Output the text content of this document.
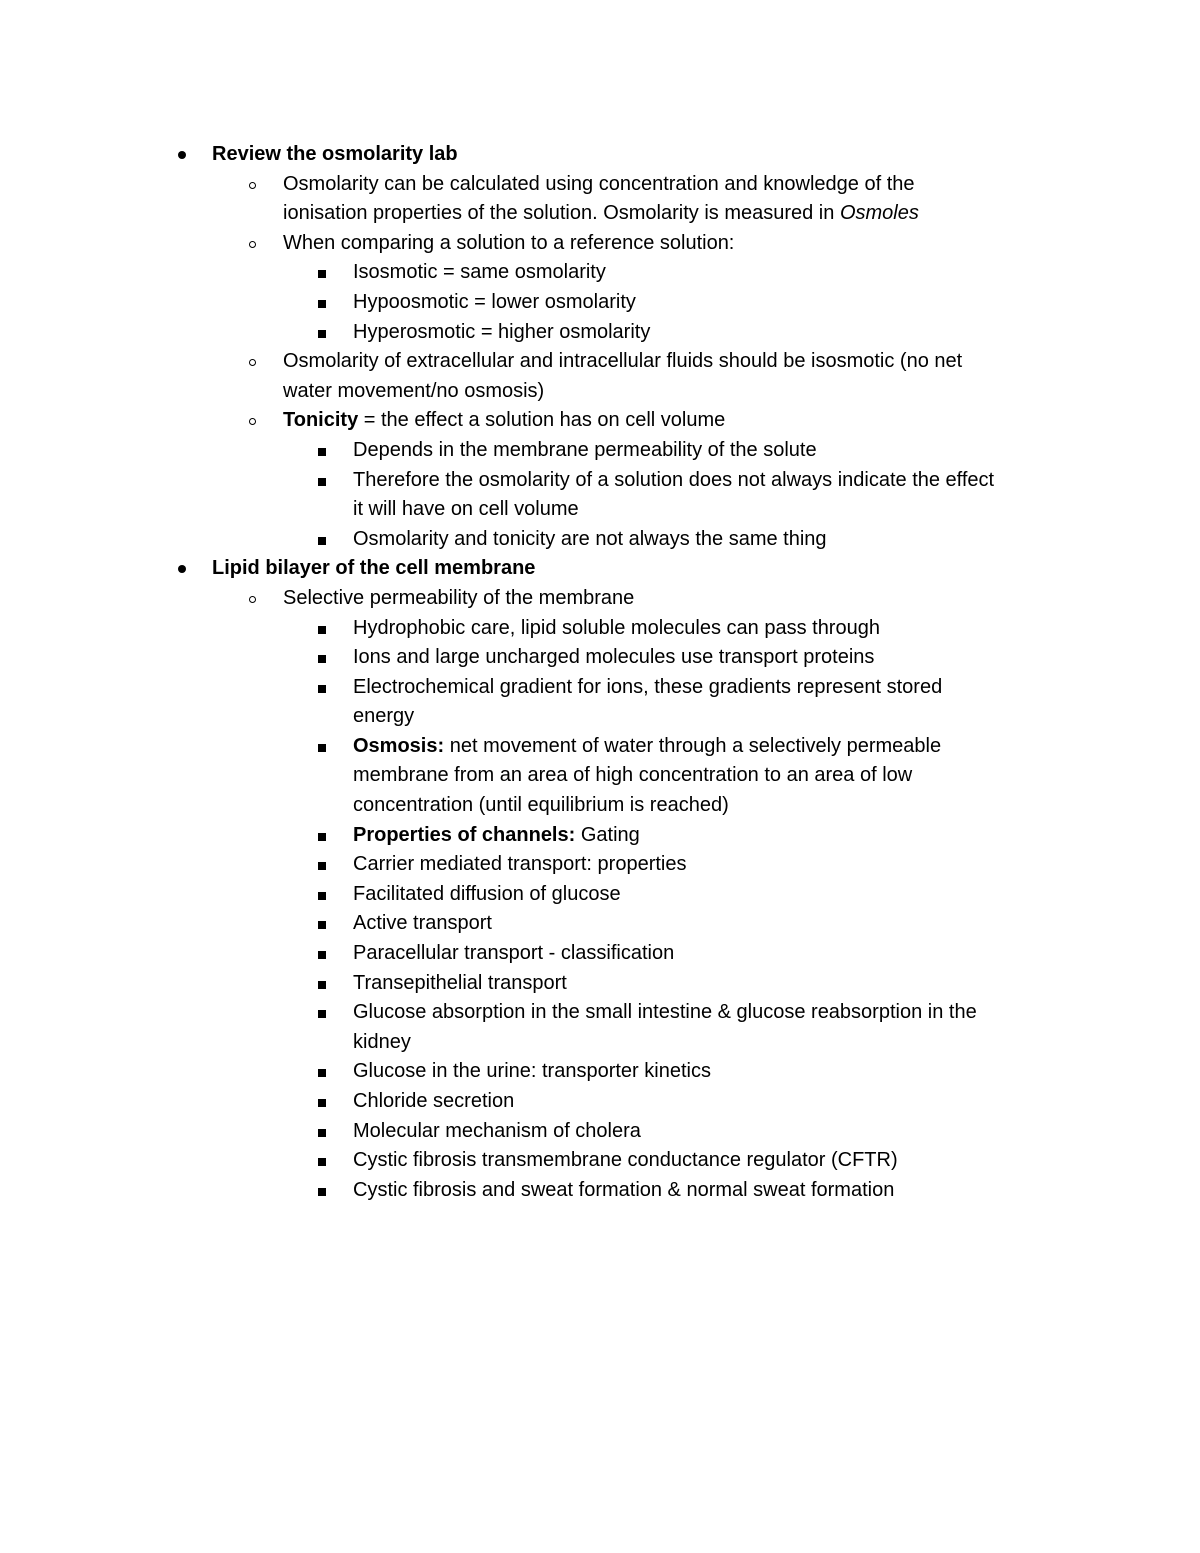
Review the osmolarity lab
Osmolarity can be calculated using concentration and knowledge of the
ionisation properties of the solution. Osmolarity is measured in Osmoles
When comparing a solution to a reference solution:
Isosmotic = same osmolarity
Hypoosmotic = lower osmolarity
Hyperosmotic = higher osmolarity
Osmolarity of extracellular and intracellular fluids should be isosmotic (no net
water movement/no osmosis)
Tonicity = the effect a solution has on cell volume
Depends in the membrane permeability of the solute
Therefore the osmolarity of a solution does not always indicate the effect
it will have on cell volume
Osmolarity and tonicity are not always the same thing
Lipid bilayer of the cell membrane
Selective permeability of the membrane
Hydrophobic care, lipid soluble molecules can pass through
Ions and large uncharged molecules use transport proteins
Electrochemical gradient for ions, these gradients represent stored
energy
Osmosis: net movement of water through a selectively permeable
membrane from an area of high concentration to an area of low
concentration (until equilibrium is reached)
Properties of channels: Gating
Carrier mediated transport: properties
Facilitated diffusion of glucose
Active transport
Paracellular transport - classification
Transepithelial transport
Glucose absorption in the small intestine & glucose reabsorption in the
kidney
Glucose in the urine: transporter kinetics
Chloride secretion
Molecular mechanism of cholera
Cystic fibrosis transmembrane conductance regulator (CFTR)
Cystic fibrosis and sweat formation & normal sweat formation
